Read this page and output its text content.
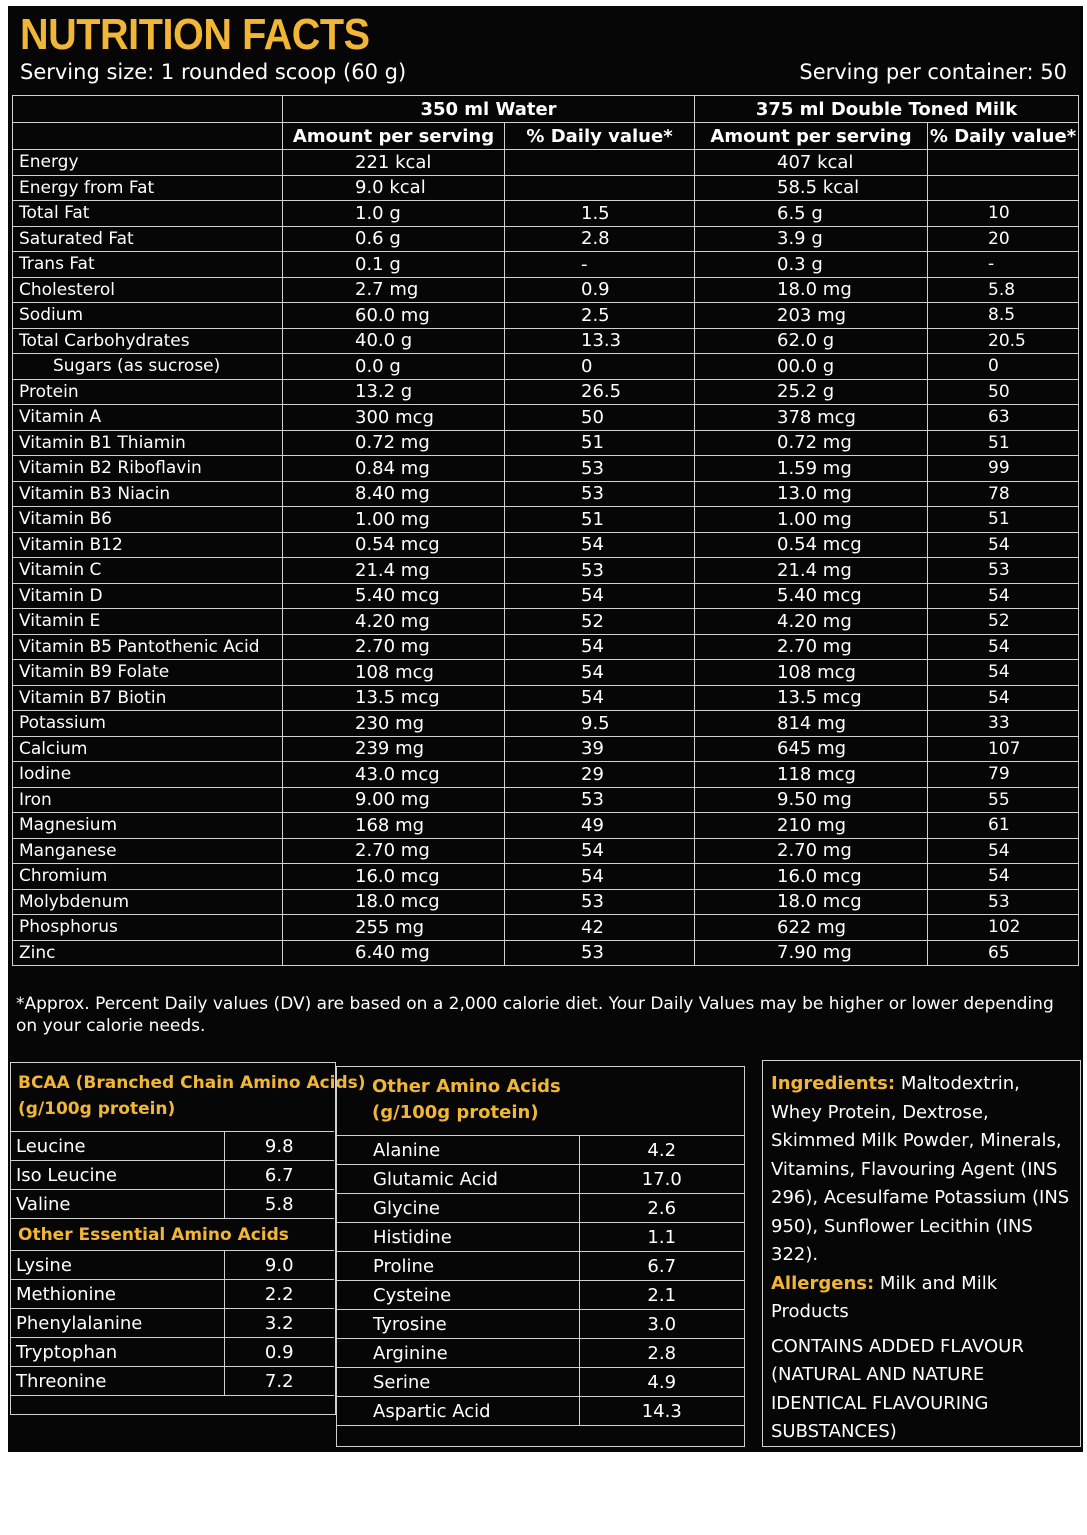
NUTRITION FACTS
Serving size: 1 rounded scoop (60 g)	Serving per container: 50
	350 ml Water		375 ml Double Toned Milk	
	Amount per serving	% Daily value*	Amount per serving	% Daily value*
Energy	221 kcal		407 kcal	
Energy from Fat	9.0 kcal		58.5 kcal	
Total Fat	1.0 g	1.5	6.5 g	10
Saturated Fat	0.6 g	2.8	3.9 g	20
Trans Fat	0.1 g	-	0.3 g	-
Cholesterol	2.7 mg	0.9	18.0 mg	5.8
Sodium	60.0 mg	2.5	203 mg	8.5
Total Carbohydrates	40.0 g	13.3	62.0 g	20.5
Sugars (as sucrose)	0.0 g	0	00.0 g	0
Protein	13.2 g	26.5	25.2 g	50
Vitamin A	300 mcg	50	378 mcg	63
Vitamin B1 Thiamin	0.72 mg	51	0.72 mg	51
Vitamin B2 Riboflavin	0.84 mg	53	1.59 mg	99
Vitamin B3 Niacin	8.40 mg	53	13.0 mg	78
Vitamin B6	1.00 mg	51	1.00 mg	51
Vitamin B12	0.54 mcg	54	0.54 mcg	54
Vitamin C	21.4 mg	53	21.4 mg	53
Vitamin D	5.40 mcg	54	5.40 mcg	54
Vitamin E	4.20 mg	52	4.20 mg	52
Vitamin B5 Pantothenic Acid	2.70 mg	54	2.70 mg	54
Vitamin B9 Folate	108 mcg	54	108 mcg	54
Vitamin B7 Biotin	13.5 mcg	54	13.5 mcg	54
Potassium	230 mg	9.5	814 mg	33
Calcium	239 mg	39	645 mg	107
Iodine	43.0 mcg	29	118 mcg	79
Iron	9.00 mg	53	9.50 mg	55
Magnesium	168 mg	49	210 mg	61
Manganese	2.70 mg	54	2.70 mg	54
Chromium	16.0 mcg	54	16.0 mcg	54
Molybdenum	18.0 mcg	53	18.0 mcg	53
Phosphorus	255 mg	42	622 mg	102
Zinc	6.40 mg	53	7.90 mg	65
*Approx. Percent Daily values (DV) are based on a 2,000 calorie diet. Your Daily Values may be higher or lower depending on your calorie needs.
BCAA (Branched Chain Amino Acids)
(g/100g protein)
Leucine	9.8
Iso Leucine	6.7
Valine	5.8
Other Essential Amino Acids
Lysine	9.0
Methionine	2.2
Phenylalanine	3.2
Tryptophan	0.9
Threonine	7.2
Other Amino Acids
(g/100g protein)
Alanine	4.2
Glutamic Acid	17.0
Glycine	2.6
Histidine	1.1
Proline	6.7
Cysteine	2.1
Tyrosine	3.0
Arginine	2.8
Serine	4.9
Aspartic Acid	14.3
Ingredients: Maltodextrin, Whey Protein, Dextrose, Skimmed Milk Powder, Minerals, Vitamins, Flavouring Agent (INS 296), Acesulfame Potassium (INS 950), Sunflower Lecithin (INS 322).
Allergens: Milk and Milk Products
CONTAINS ADDED FLAVOUR (NATURAL AND NATURE IDENTICAL FLAVOURING SUBSTANCES)
^As per 2 servings with double toned milk
#No added Sucrose
